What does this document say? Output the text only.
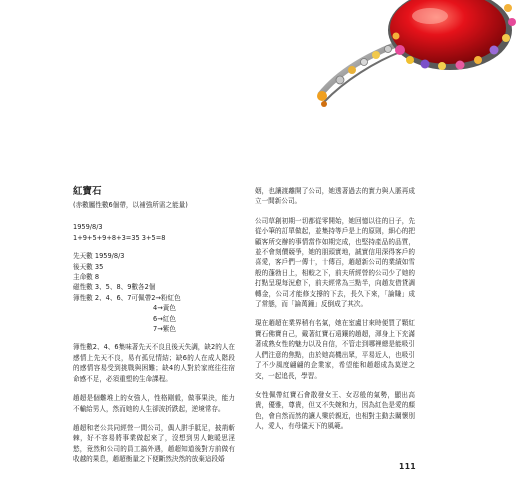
紅寶石
(赤數屬性數6個帶，以補強所需之能量)
1959/8/3
1+9+5+9+8+3=35 3+5=8
先天數 1959/8/3
後天數 35
主命數 8
磁性數 3、5、8、9數各2個
簿性數 2、4、6、7可佩帶2→粉紅色
4→黃色
6→紅色
7→紫色

簿性數2、4、6集味著先天不良且後天失調，缺2的人在感情上先天不良，易有孤兒情結；缺6的人在成人階段的感情容易受到挑戰與困難；缺4的人對於家庭往往宿命感不足，必須重塑的生命課程。

趙超是個難堆上的女強人，性格剛毅，做事果決，能力不輸給男人，然而她的人生卻波折跌起，逆境常存。

趙超和老公共同經營一間公司，偶人胼手胝足，披荊斬棘，好不容易將事業做起來了，沒想到男人飽暖思淫慾，竟然和公司的員工搞外遇，趙超知道後對方前做有收越的果息，趙超衡量之下便斷然決然的放棄這段婚

姻，也讓渡離開了公司，她透著過去的實力與人脈再成立一間新公司。

公司草創初期一切都從零開始，她回憶以往的日子，先從小筆的訂單做起，並集持等戶是上的原則，細心的把顧客所交辦的事情當作如期完成，也堅持產品的品質，並不會刻價競爭，她的朋頭實地，誠實信用深得客戶的喜愛，客戶們一傳十，十傳百，趙超新公司的業績如雪般的蓬勃日上，相較之下，前夫所經營的公司少了她的打點呈現每況愈下，前夫經常為三點半，向趙友借貸調轉金，公司才能修支撐的下去，長久下來，「論賺」成了常態，而「論萬鐘」反倒成了其次。

現在趙超在業界稍有名氣，她在室盧甘來時便買了顆紅寶石佛寶自己，戴著紅寶石遠鑲的趙超，渾身上下充滿著成熟女性的魅力以及自信，不管走到哪裡總是能吸引人們注意的焦點，由於她高機出眾，平易近人，也吸引了不少風度翩翩的企業家，希望能和趙超成為莫逆之交，一起追長，學習。

女性佩帶紅寶石會散發女王、女忍般的氣勢，顯出高貴，優雅，尊貴，但又不失婉和力，因為紅色是愛的顏色，會自然而然的讓人樂於親近，也相對主動去關懷別人，愛人，有母儀天下的風範。

111
